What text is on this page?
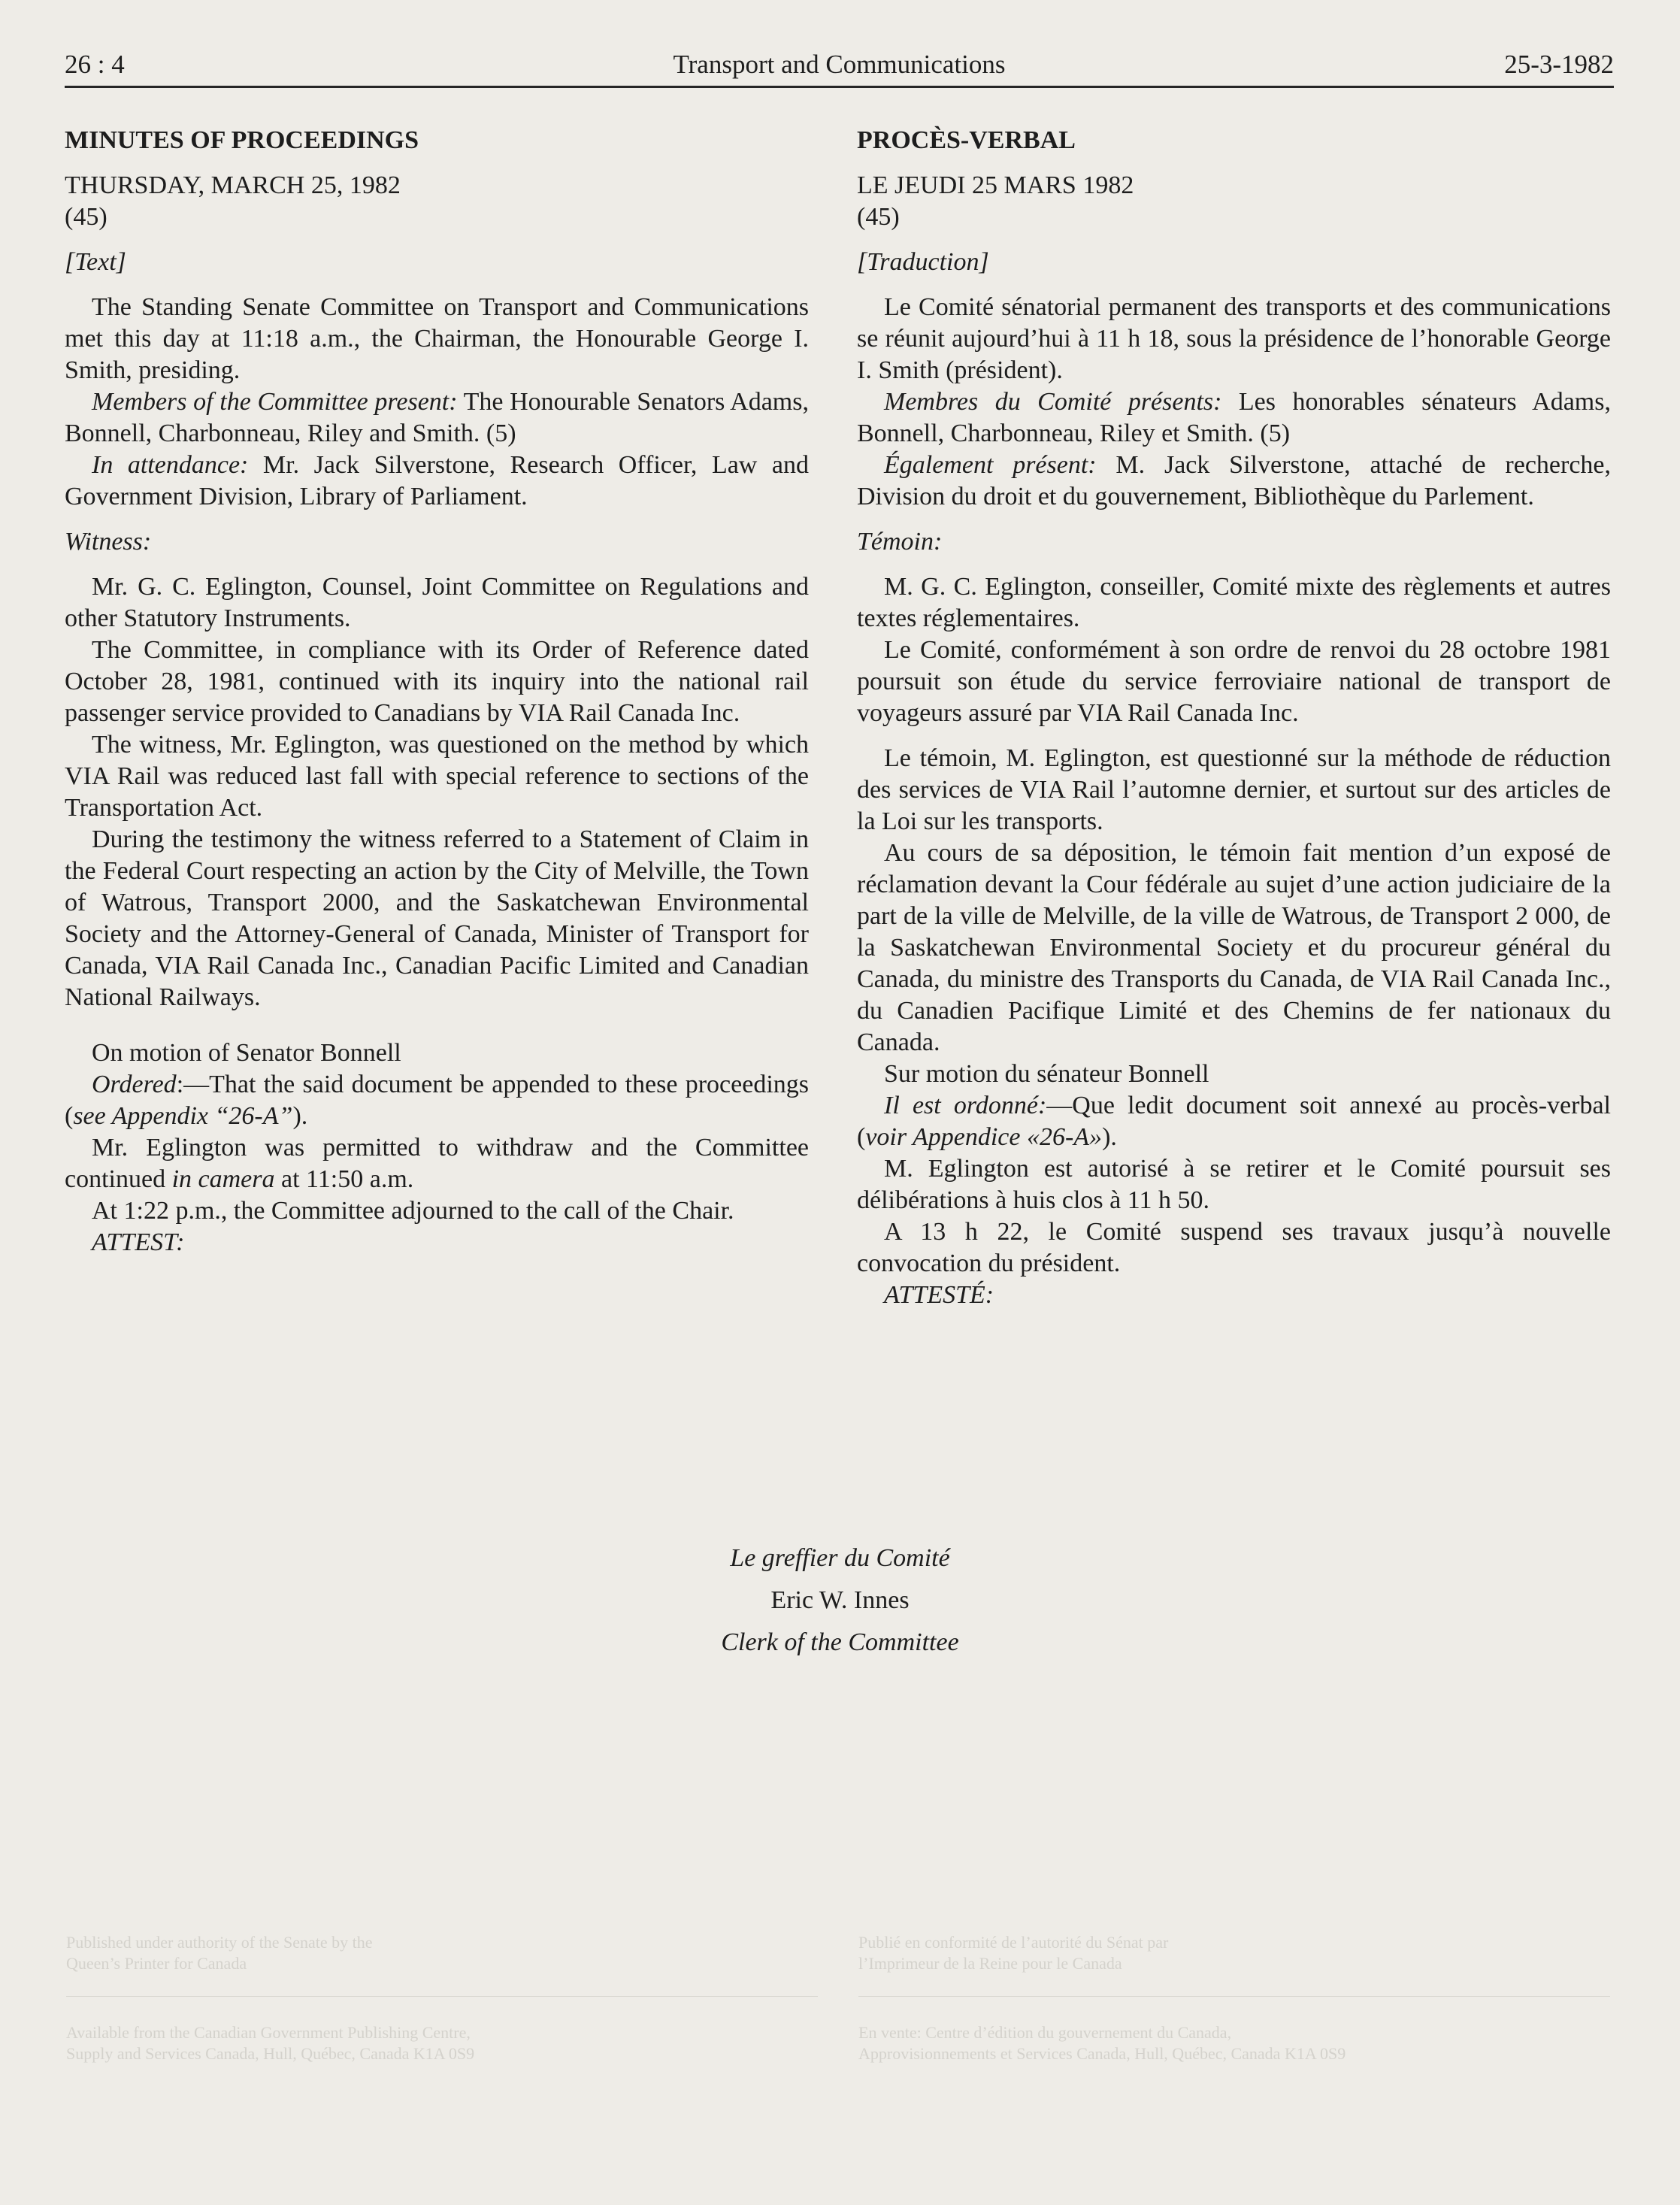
26 : 4	Transport and Communications	25-3-1982

MINUTES OF PROCEEDINGS

THURSDAY, MARCH 25, 1982

(45)

[Text]

The Standing Senate Committee on Transport and Communications met this day at 11:18 a.m., the Chairman, the Honourable George I. Smith, presiding.

Members of the Committee present: The Honourable Senators Adams, Bonnell, Charbonneau, Riley and Smith. (5)

In attendance: Mr. Jack Silverstone, Research Officer, Law and Government Division, Library of Parliament.

Witness:

Mr. G. C. Eglington, Counsel, Joint Committee on Regulations and other Statutory Instruments.

The Committee, in compliance with its Order of Reference dated October 28, 1981, continued with its inquiry into the national rail passenger service provided to Canadians by VIA Rail Canada Inc.

The witness, Mr. Eglington, was questioned on the method by which VIA Rail was reduced last fall with special reference to sections of the Transportation Act.

During the testimony the witness referred to a Statement of Claim in the Federal Court respecting an action by the City of Melville, the Town of Watrous, Transport 2000, and the Saskatchewan Environmental Society and the Attorney-General of Canada, Minister of Transport for Canada, VIA Rail Canada Inc., Canadian Pacific Limited and Canadian National Railways.

On motion of Senator Bonnell

Ordered:—That the said document be appended to these proceedings (see Appendix “26-A”).

Mr. Eglington was permitted to withdraw and the Committee continued in camera at 11:50 a.m.

At 1:22 p.m., the Committee adjourned to the call of the Chair.

ATTEST:

PROCÈS-VERBAL

LE JEUDI 25 MARS 1982

(45)

[Traduction]

Le Comité sénatorial permanent des transports et des communications se réunit aujourd’hui à 11 h 18, sous la présidence de l’honorable George I. Smith (président).

Membres du Comité présents: Les honorables sénateurs Adams, Bonnell, Charbonneau, Riley et Smith. (5)

Également présent: M. Jack Silverstone, attaché de recherche, Division du droit et du gouvernement, Bibliothèque du Parlement.

Témoin:

M. G. C. Eglington, conseiller, Comité mixte des règlements et autres textes réglementaires.

Le Comité, conformément à son ordre de renvoi du 28 octobre 1981 poursuit son étude du service ferroviaire national de transport de voyageurs assuré par VIA Rail Canada Inc.

Le témoin, M. Eglington, est questionné sur la méthode de réduction des services de VIA Rail l’automne dernier, et surtout sur des articles de la Loi sur les transports.

Au cours de sa déposition, le témoin fait mention d’un exposé de réclamation devant la Cour fédérale au sujet d’une action judiciaire de la part de la ville de Melville, de la ville de Watrous, de Transport 2 000, de la Saskatchewan Environmental Society et du procureur général du Canada, du ministre des Transports du Canada, de VIA Rail Canada Inc., du Canadien Pacifique Limité et des Chemins de fer nationaux du Canada.

Sur motion du sénateur Bonnell

Il est ordonné:—Que ledit document soit annexé au procès-verbal (voir Appendice «26-A»).

M. Eglington est autorisé à se retirer et le Comité poursuit ses délibérations à huis clos à 11 h 50.

A 13 h 22, le Comité suspend ses travaux jusqu’à nouvelle convocation du président.

ATTESTÉ:

Le greffier du Comité

Eric W. Innes

Clerk of the Committee

Published under authority of the Senate by the
Queen’s Printer for Canada
Available from the Canadian Government Publishing Centre,
Supply and Services Canada, Hull, Québec, Canada K1A 0S9
Publié en conformité de l’autorité du Sénat par
l’Imprimeur de la Reine pour le Canada
En vente: Centre d’édition du gouvernement du Canada,
Approvisionnements et Services Canada, Hull, Québec, Canada K1A 0S9
